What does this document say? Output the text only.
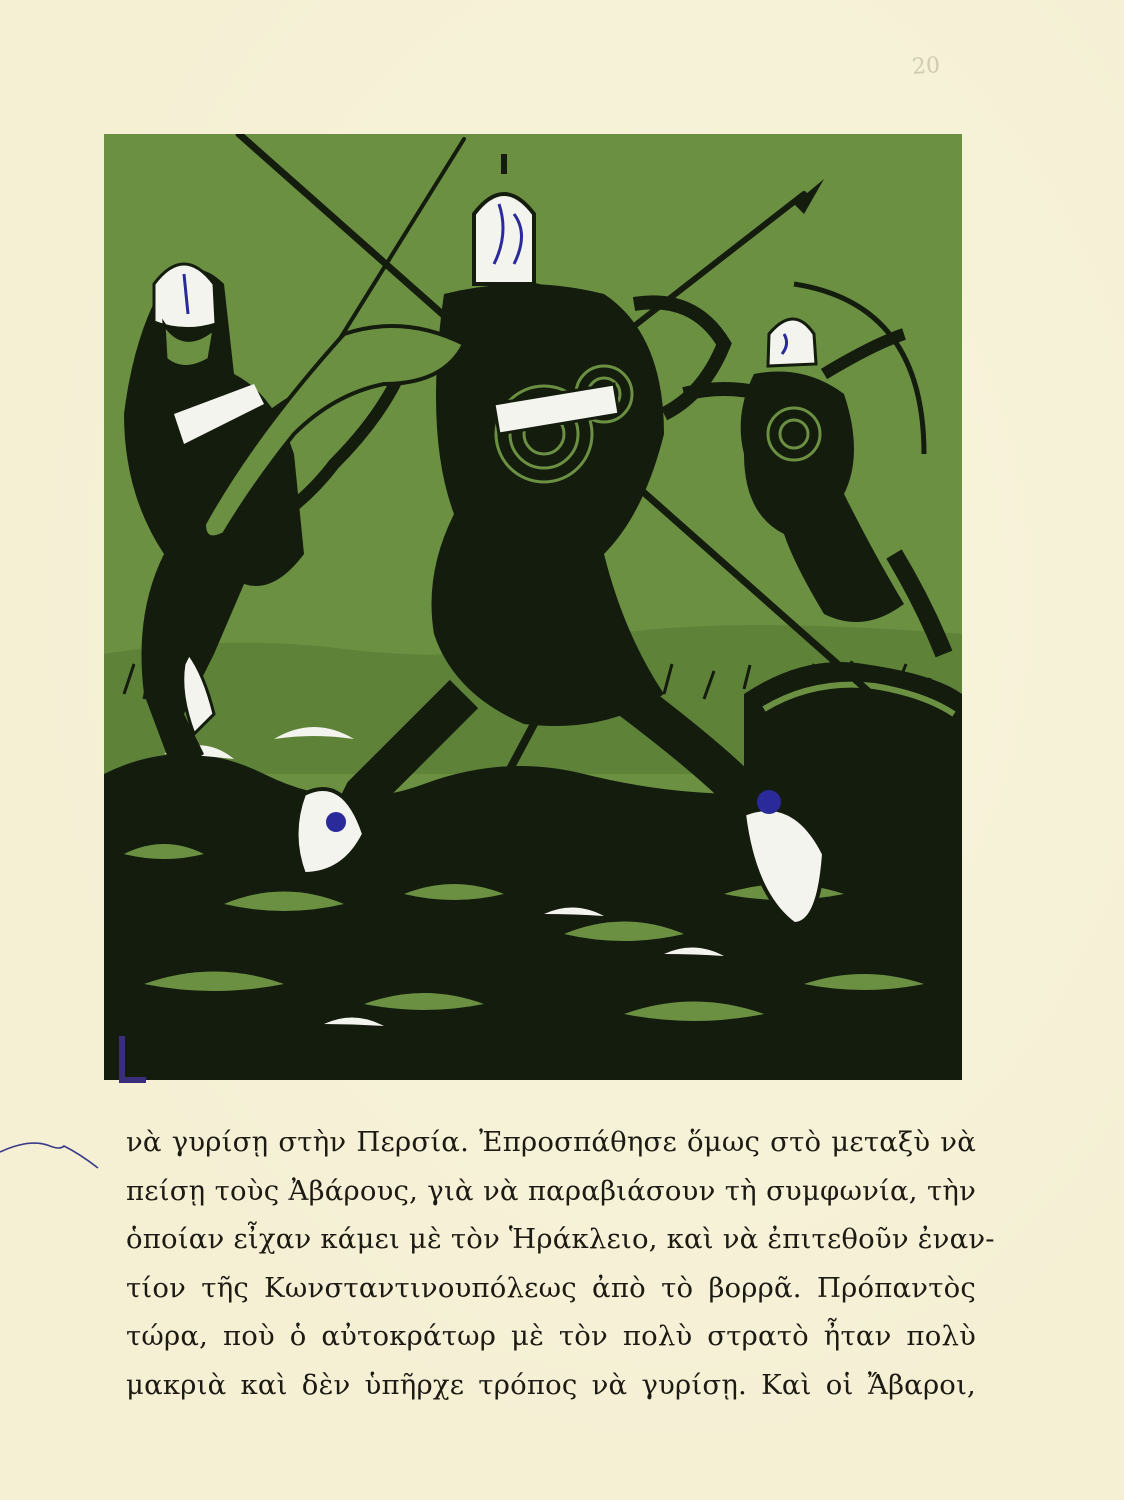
20
νὰ γυρίσῃ στὴν Περσία. Ἐπροσπάθησε ὅμως στὸ μεταξὺ νὰ
πείσῃ τοὺς Ἀβάρους, γιὰ νὰ παραβιάσουν τὴ συμφωνία, τὴν
ὁποίαν εἶχαν κάμει μὲ τὸν Ἡράκλειο, καὶ νὰ ἐπιτεθοῦν ἐναν-
τίον τῆς Κωνσταντινουπόλεως ἀπὸ τὸ βορρᾶ. Πρόπαντὸς
τώρα, ποὺ ὁ αὐτοκράτωρ μὲ τὸν πολὺ στρατὸ ἦταν πολὺ
μακριὰ καὶ δὲν ὑπῆρχε τρόπος νὰ γυρίσῃ. Καὶ οἱ Ἄβαροι,
